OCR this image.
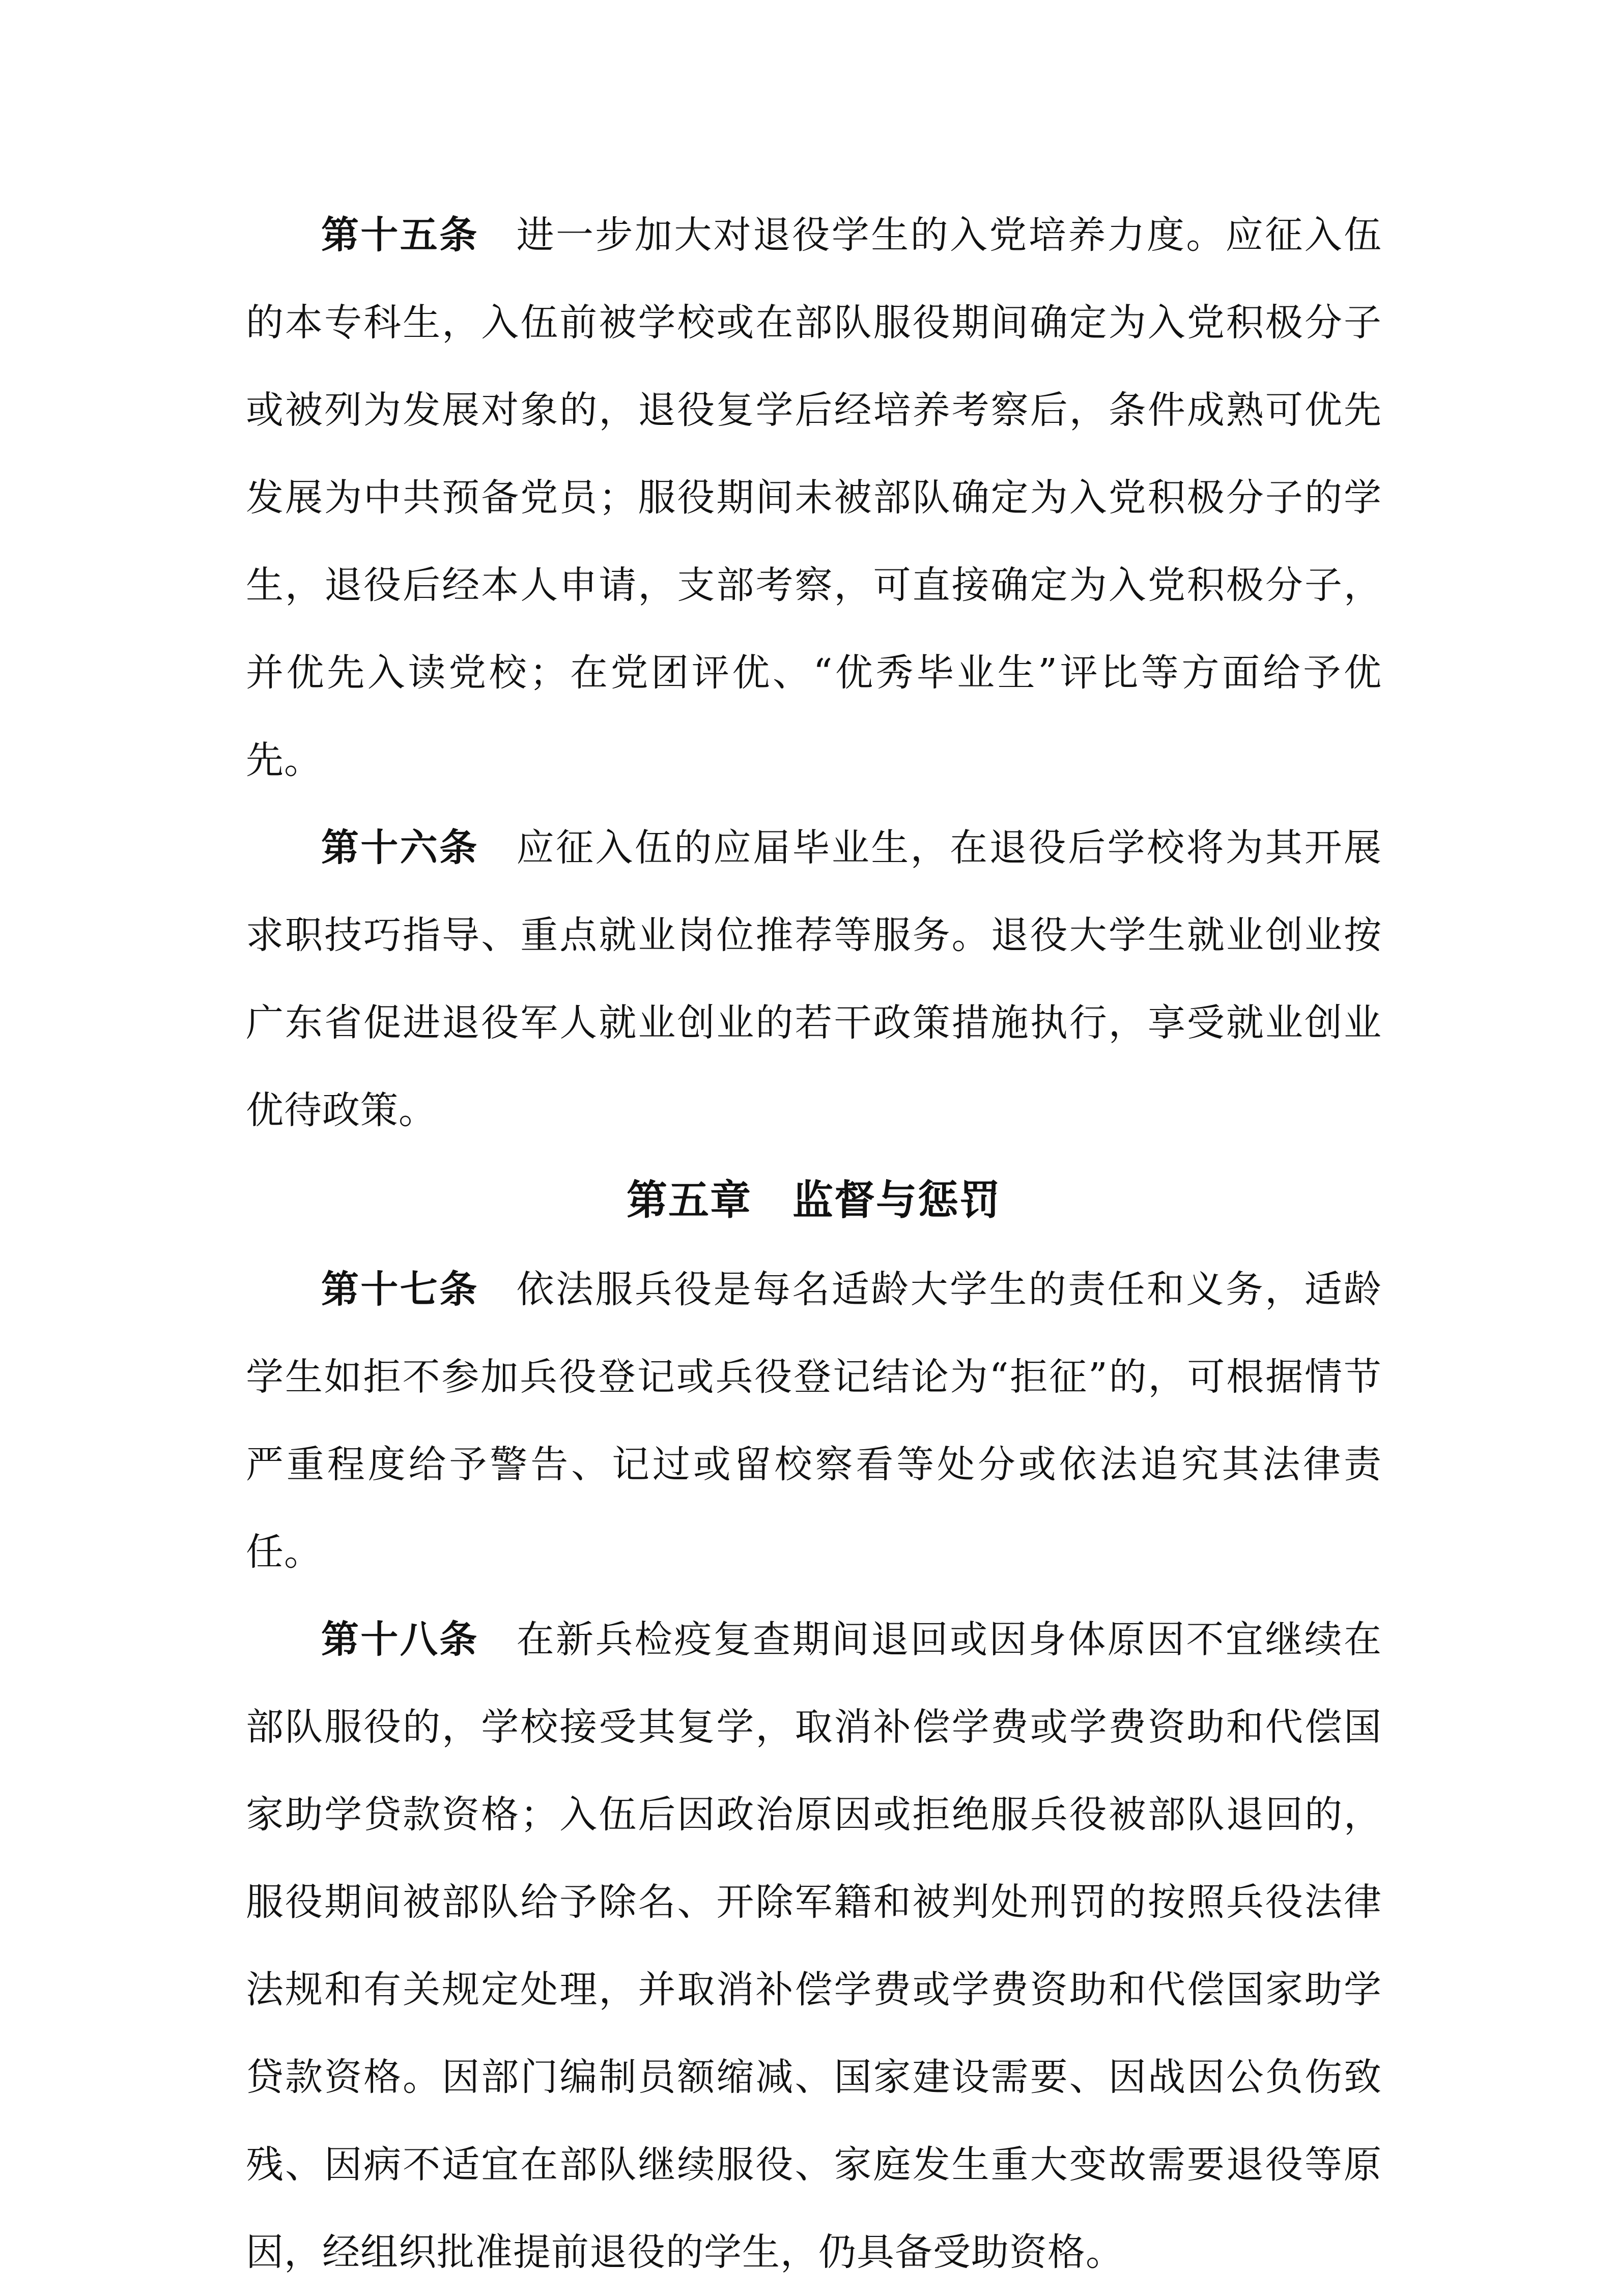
第十五条 进一步加大对退役学生的入党培养力度。应征入伍的本专科生，入伍前被学校或在部队服役期间确定为入党积极分子或被列为发展对象的，退役复学后经培养考察后，条件成熟可优先发展为中共预备党员；服役期间未被部队确定为入党积极分子的学生，退役后经本人申请，支部考察，可直接确定为入党积极分子，并优先入读党校；在党团评优、“优秀毕业生”评比等方面给予优先。

第十六条 应征入伍的应届毕业生，在退役后学校将为其开展求职技巧指导、重点就业岗位推荐等服务。退役大学生就业创业按广东省促进退役军人就业创业的若干政策措施执行，享受就业创业优待政策。

第五章 监督与惩罚

第十七条 依法服兵役是每名适龄大学生的责任和义务，适龄学生如拒不参加兵役登记或兵役登记结论为“拒征”的，可根据情节严重程度给予警告、记过或留校察看等处分或依法追究其法律责任。

第十八条 在新兵检疫复查期间退回或因身体原因不宜继续在部队服役的，学校接受其复学，取消补偿学费或学费资助和代偿国家助学贷款资格；入伍后因政治原因或拒绝服兵役被部队退回的，服役期间被部队给予除名、开除军籍和被判处刑罚的按照兵役法律法规和有关规定处理，并取消补偿学费或学费资助和代偿国家助学贷款资格。因部门编制员额缩减、国家建设需要、因战因公负伤致残、因病不适宜在部队继续服役、家庭发生重大变故需要退役等原因，经组织批准提前退役的学生，仍具备受助资格。
